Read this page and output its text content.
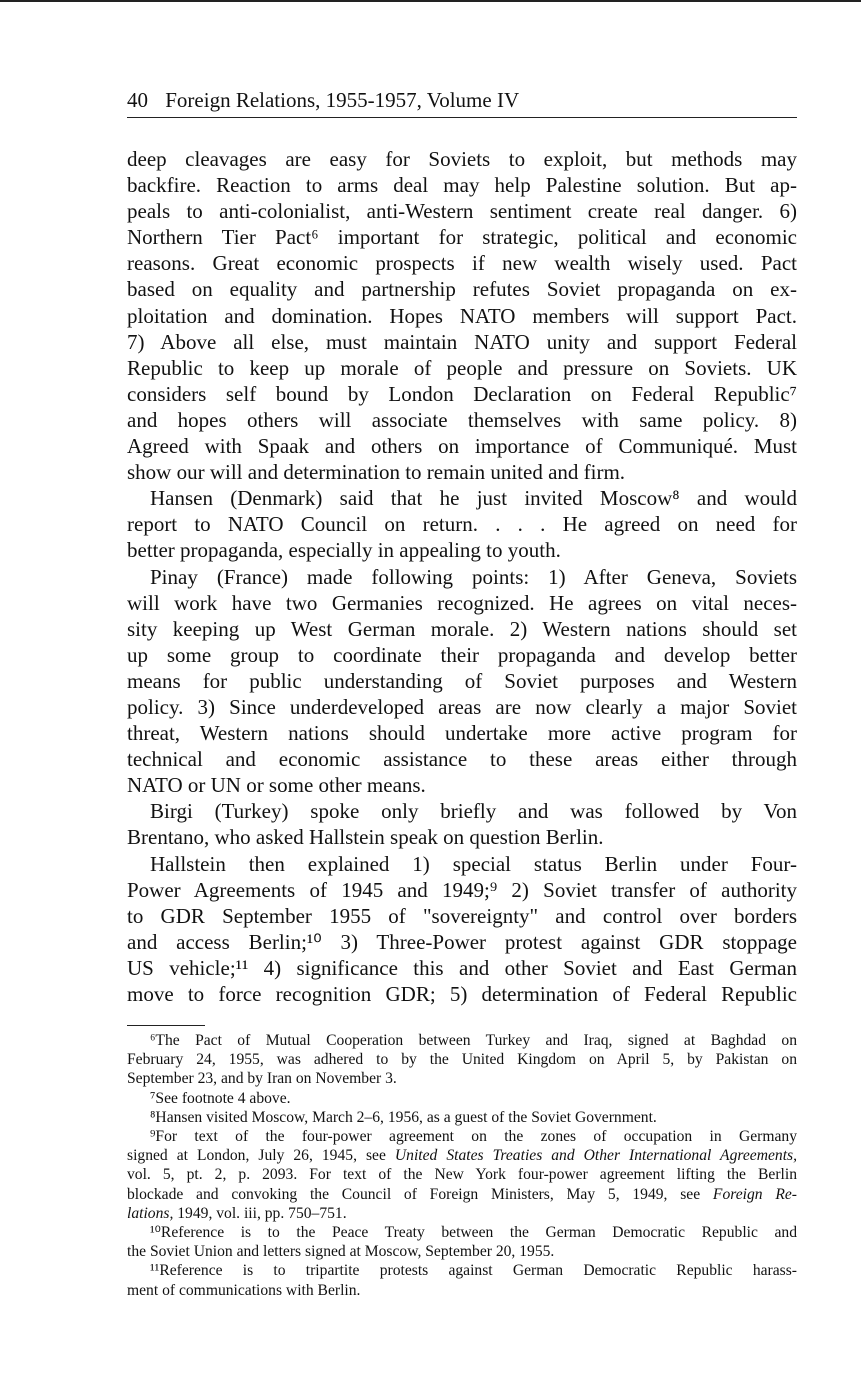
40 Foreign Relations, 1955-1957, Volume IV
deep cleavages are easy for Soviets to exploit, but methods may
backfire. Reaction to arms deal may help Palestine solution. But ap-
peals to anti-colonialist, anti-Western sentiment create real danger. 6)
Northern Tier Pact⁶ important for strategic, political and economic
reasons. Great economic prospects if new wealth wisely used. Pact
based on equality and partnership refutes Soviet propaganda on ex-
ploitation and domination. Hopes NATO members will support Pact.
7) Above all else, must maintain NATO unity and support Federal
Republic to keep up morale of people and pressure on Soviets. UK
considers self bound by London Declaration on Federal Republic⁷
and hopes others will associate themselves with same policy. 8)
Agreed with Spaak and others on importance of Communiqué. Must
show our will and determination to remain united and firm.
Hansen (Denmark) said that he just invited Moscow⁸ and would
report to NATO Council on return. . . . He agreed on need for
better propaganda, especially in appealing to youth.
Pinay (France) made following points: 1) After Geneva, Soviets
will work have two Germanies recognized. He agrees on vital neces-
sity keeping up West German morale. 2) Western nations should set
up some group to coordinate their propaganda and develop better
means for public understanding of Soviet purposes and Western
policy. 3) Since underdeveloped areas are now clearly a major Soviet
threat, Western nations should undertake more active program for
technical and economic assistance to these areas either through
NATO or UN or some other means.
Birgi (Turkey) spoke only briefly and was followed by Von
Brentano, who asked Hallstein speak on question Berlin.
Hallstein then explained 1) special status Berlin under Four-
Power Agreements of 1945 and 1949;⁹ 2) Soviet transfer of authority
to GDR September 1955 of "sovereignty" and control over borders
and access Berlin;¹⁰ 3) Three-Power protest against GDR stoppage
US vehicle;¹¹ 4) significance this and other Soviet and East German
move to force recognition GDR; 5) determination of Federal Republic
⁶The Pact of Mutual Cooperation between Turkey and Iraq, signed at Baghdad on
February 24, 1955, was adhered to by the United Kingdom on April 5, by Pakistan on
September 23, and by Iran on November 3.
⁷See footnote 4 above.
⁸Hansen visited Moscow, March 2–6, 1956, as a guest of the Soviet Government.
⁹For text of the four-power agreement on the zones of occupation in Germany
signed at London, July 26, 1945, see United States Treaties and Other International Agreements,
vol. 5, pt. 2, p. 2093. For text of the New York four-power agreement lifting the Berlin
blockade and convoking the Council of Foreign Ministers, May 5, 1949, see Foreign Re-
lations, 1949, vol. iii, pp. 750–751.
¹⁰Reference is to the Peace Treaty between the German Democratic Republic and
the Soviet Union and letters signed at Moscow, September 20, 1955.
¹¹Reference is to tripartite protests against German Democratic Republic harass-
ment of communications with Berlin.
